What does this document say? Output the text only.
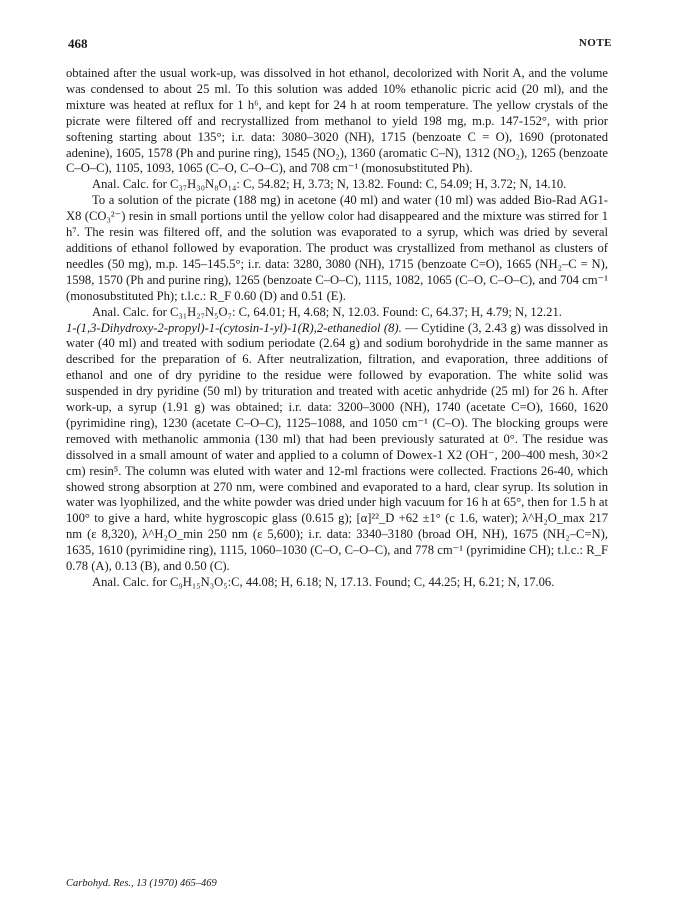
468	NOTE

obtained after the usual work-up, was dissolved in hot ethanol, decolorized with Norit A, and the volume was condensed to about 25 ml. To this solution was added 10% ethanolic picric acid (20 ml), and the mixture was heated at reflux for 1 h⁶, and kept for 24 h at room temperature. The yellow crystals of the picrate were filtered off and recrystallized from methanol to yield 198 mg, m.p. 147-152°, with prior softening starting about 135°; i.r. data: 3080–3020 (NH), 1715 (benzoate C = O), 1690 (protonated adenine), 1605, 1578 (Ph and purine ring), 1545 (NO₂), 1360 (aromatic C–N), 1312 (NO₂), 1265 (benzoate C–O–C), 1105, 1093, 1065 (C–O, C–O–C), and 708 cm⁻¹ (monosubstituted Ph).

Anal. Calc. for C₃₇H₃₀N₈O₁₄: C, 54.82; H, 3.73; N, 13.82. Found: C, 54.09; H, 3.72; N, 14.10.

To a solution of the picrate (188 mg) in acetone (40 ml) and water (10 ml) was added Bio-Rad AG1-X8 (CO₃²⁻) resin in small portions until the yellow color had disappeared and the mixture was stirred for 1 h⁷. The resin was filtered off, and the solution was evaporated to a syrup, which was dried by several additions of ethanol followed by evaporation. The product was crystallized from methanol as clusters of needles (50 mg), m.p. 145–145.5°; i.r. data: 3280, 3080 (NH), 1715 (benzoate C=O), 1665 (NH₂–C = N), 1598, 1570 (Ph and purine ring), 1265 (benzoate C–O–C), 1115, 1082, 1065 (C–O, C–O–C), and 704 cm⁻¹ (monosubstituted Ph); t.l.c.: R_F 0.60 (D) and 0.51 (E).

Anal. Calc. for C₃₁H₂₇N₅O₇: C, 64.01; H, 4.68; N, 12.03. Found: C, 64.37; H, 4.79; N, 12.21.

1-(1,3-Dihydroxy-2-propyl)-1-(cytosin-1-yl)-1(R),2-ethanediol (8). — Cytidine (3, 2.43 g) was dissolved in water (40 ml) and treated with sodium periodate (2.64 g) and sodium borohydride in the same manner as described for the preparation of 6. After neutralization, filtration, and evaporation, three additions of ethanol and one of dry pyridine to the residue were followed by evaporation. The white solid was suspended in dry pyridine (50 ml) by trituration and treated with acetic anhydride (25 ml) for 26 h. After work-up, a syrup (1.91 g) was obtained; i.r. data: 3200–3000 (NH), 1740 (acetate C=O), 1660, 1620 (pyrimidine ring), 1230 (acetate C–O–C), 1125–1088, and 1050 cm⁻¹ (C–O). The blocking groups were removed with methanolic ammonia (130 ml) that had been previously saturated at 0°. The residue was dissolved in a small amount of water and applied to a column of Dowex-1 X2 (OH⁻, 200–400 mesh, 30×2 cm) resin⁵. The column was eluted with water and 12-ml fractions were collected. Fractions 26-40, which showed strong absorption at 270 nm, were combined and evaporated to a hard, clear syrup. Its solution in water was lyophilized, and the white powder was dried under high vacuum for 16 h at 65°, then for 1.5 h at 100° to give a hard, white hygroscopic glass (0.615 g); [α]²²_D +62 ±1° (c 1.6, water); λ^H₂O_max 217 nm (ε 8,320), λ^H₂O_min 250 nm (ε 5,600); i.r. data: 3340–3180 (broad OH, NH), 1675 (NH₂–C=N), 1635, 1610 (pyrimidine ring), 1115, 1060–1030 (C–O, C–O–C), and 778 cm⁻¹ (pyrimidine CH); t.l.c.: R_F 0.78 (A), 0.13 (B), and 0.50 (C).

Anal. Calc. for C₉H₁₅N₃O₅:C, 44.08; H, 6.18; N, 17.13. Found; C, 44.25; H, 6.21; N, 17.06.

Carbohyd. Res., 13 (1970) 465–469
